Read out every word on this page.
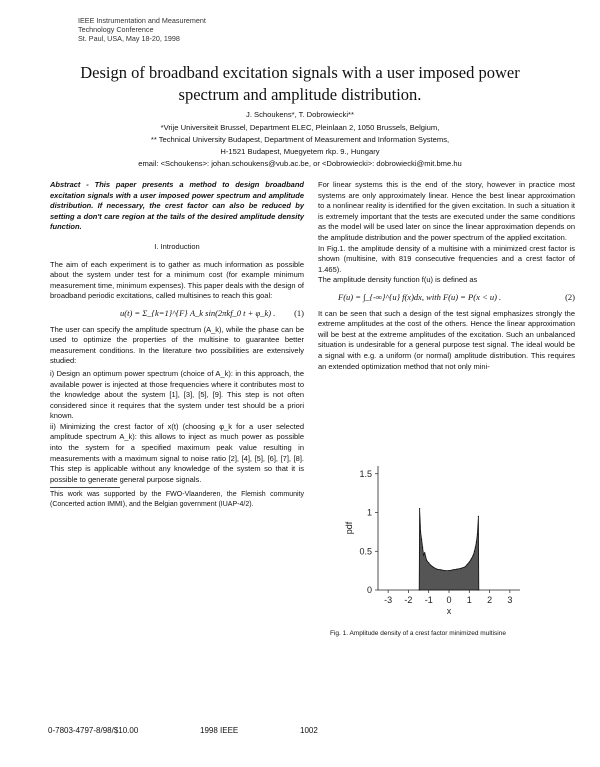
IEEE Instrumentation and Measurement
Technology Conference
St. Paul, USA, May 18-20, 1998
Design of broadband excitation signals with a user imposed power
spectrum and amplitude distribution.
J. Schoukens*, T. Dobrowiecki**
*Vrije Universiteit Brussel, Department ELEC, Pleinlaan 2, 1050 Brussels, Belgium,
** Technical University Budapest, Department of Measurement and Information Systems,
H-1521 Budapest, Muegyetem rkp. 9., Hungary
email: <Schoukens>: johan.schoukens@vub.ac.be, or <Dobrowiecki>: dobrowiecki@mit.bme.hu
Abstract - This paper presents a method to design broadband excitation signals with a user imposed power spectrum and amplitude distribution. If necessary, the crest factor can also be reduced by setting a don't care region at the tails of the desired amplitude density function.
I. Introduction
The aim of each experiment is to gather as much information as possible about the system under test for a minimum cost (for example minimum measurement time, minimum expenses). This paper deals with the design of broadband periodic excitations, called multisines to reach this goal:
u(t) = Σ_{k=1}^{F} A_k sin(2πkf_0 t + φ_k) . (1)
The user can specify the amplitude spectrum (A_k), while the phase can be used to optimize the properties of the multisine to guarantee better measurement conditions. In the literature two possibilities are extensively studied:
i) Design an optimum power spectrum (choice of A_k): in this approach, the available power is injected at those frequencies where it contributes most to the knowledge about the system [1], [3], [5], [9]. This step is not often considered since it requires that the system under test should be a priori known.
ii) Minimizing the crest factor of x(t) (choosing φ_k for a user selected amplitude spectrum A_k): this allows to inject as much power as possible into the system for a specified maximum peak value resulting in measurements with a maximum signal to noise ratio [2], [4], [5], [6], [7], [8]. This step is applicable without any knowledge of the system so that it is possible to generate general purpose signals.
This work was supported by the FWO-Vlaanderen, the Flemish community (Concerted action IMMI), and the Belgian government (IUAP-4/2).
For linear systems this is the end of the story, however in practice most systems are only approximately linear. Hence the best linear approximation to a nonlinear reality is identified for the given excitation. In such a situation it is extremely important that the tests are executed under the same conditions as the model will be used later on since the linear approximation depends on the amplitude distribution and the power spectrum of the applied excitation.
In Fig.1. the amplitude density of a multisine with a minimized crest factor is shown (multisine, with 819 consecutive frequencies and a crest factor of 1.465).
The amplitude density function f(u) is defined as
F(u) = ∫_{-∞}^{u} f(x)dx, with F(u) = P(x < u) .	(2)
It can be seen that such a design of the test signal emphasizes strongly the extreme amplitudes at the cost of the others. Hence the linear approximation will be best at the extreme amplitudes of the excitation. Such an unbalanced situation is undesirable for a general purpose test signal. The ideal would be a signal with e.g. a uniform (or normal) amplitude distribution. This requires an extended optimization method that not only mini-
0
0.5
1
1.5
-3 -2 -1 0 1 2 3
x
pdf
Fig. 1. Amplitude density of a crest factor minimized multisine
0-7803-4797-8/98/$10.00	1998 IEEE	1002
